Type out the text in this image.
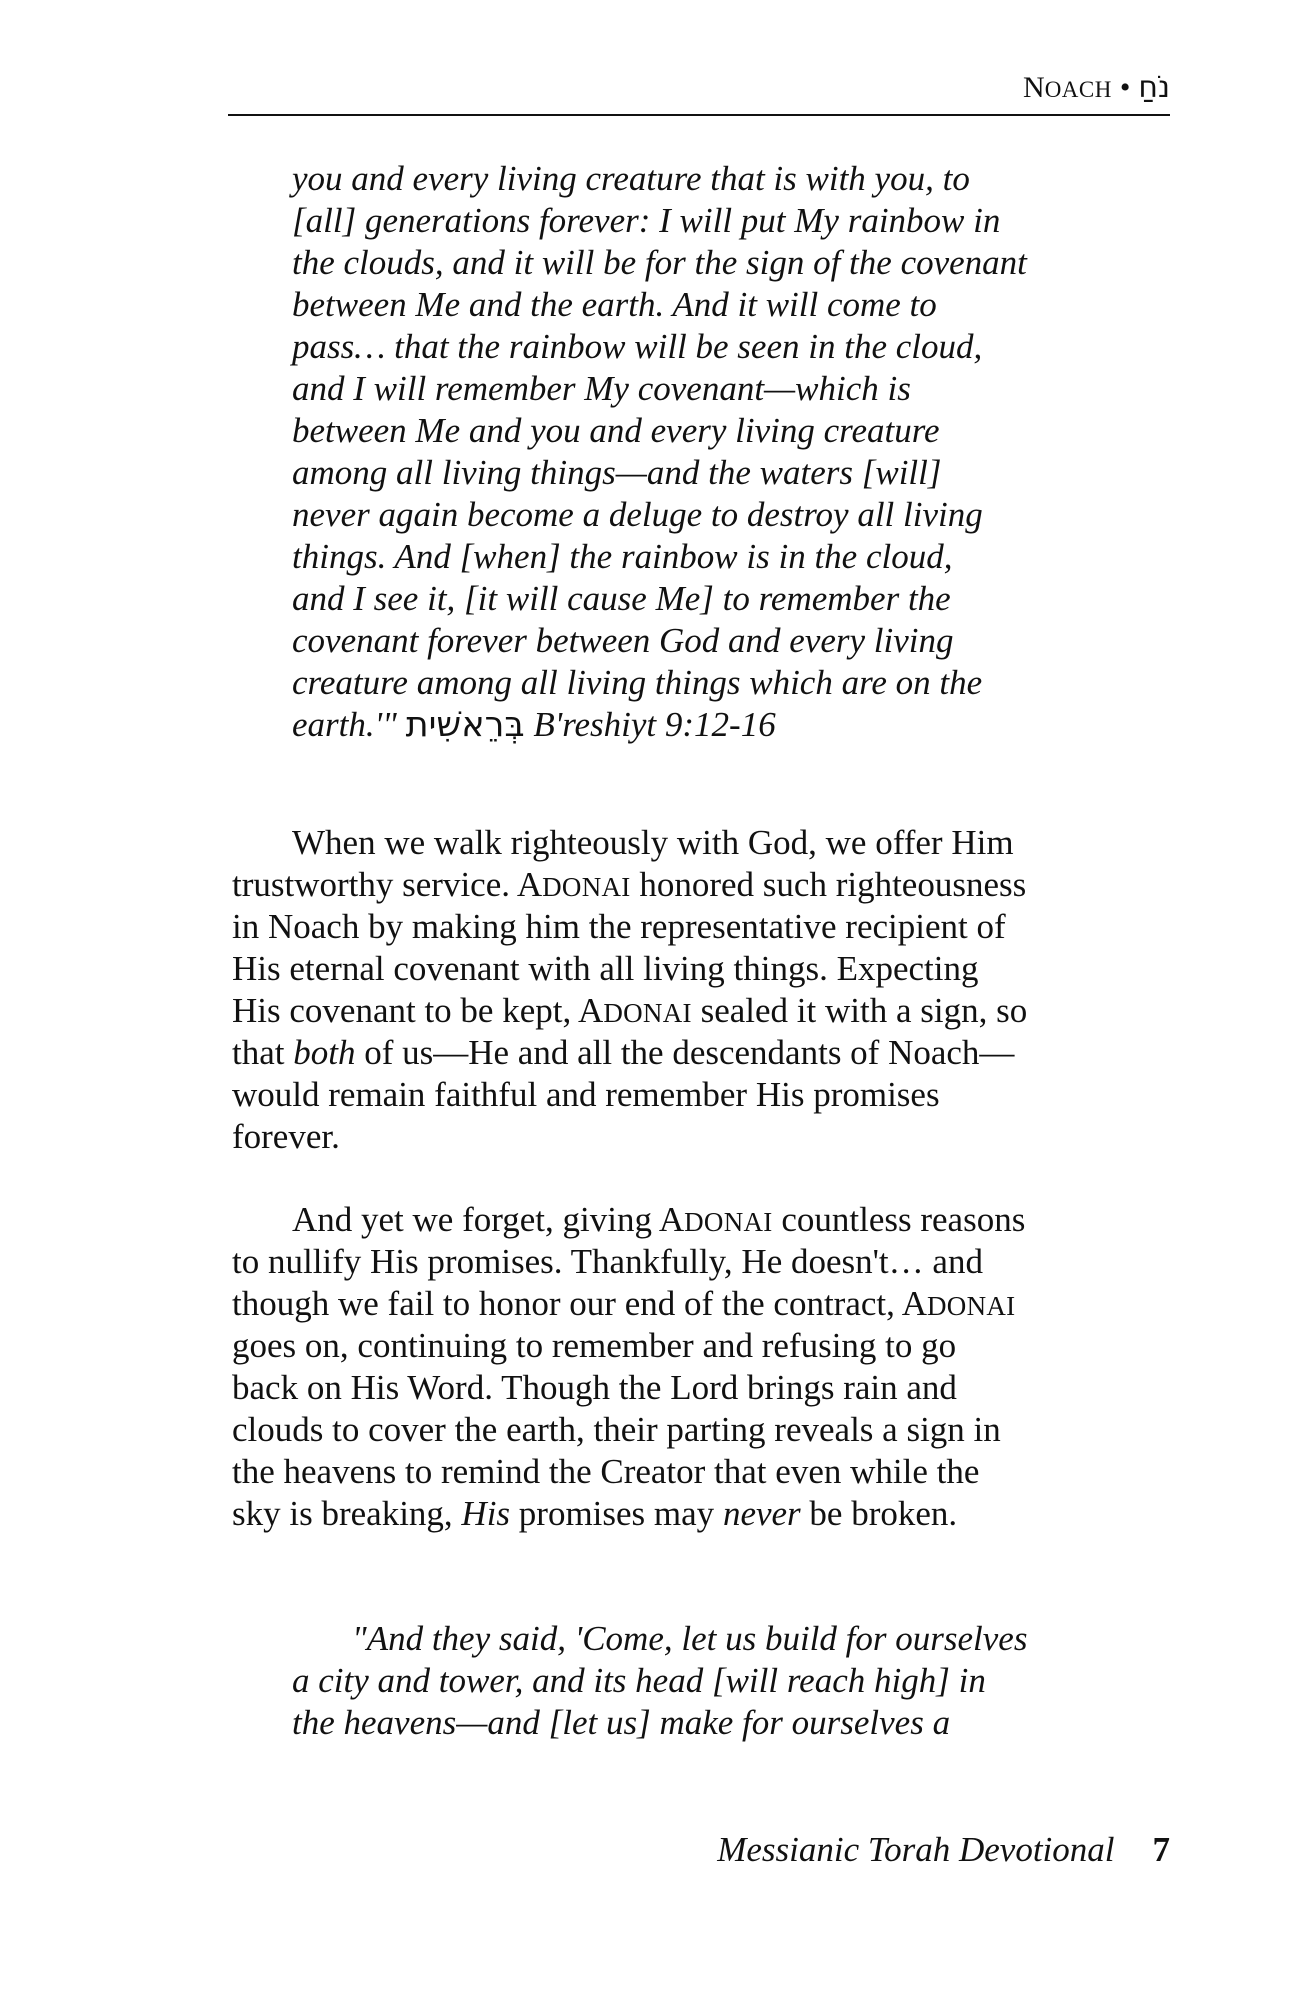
NOACH • נֹחַ
you and every living creature that is with you, to
[all] generations forever: I will put My rainbow in
the clouds, and it will be for the sign of the covenant
between Me and the earth. And it will come to
pass… that the rainbow will be seen in the cloud,
and I will remember My covenant—which is
between Me and you and every living creature
among all living things—and the waters [will]
never again become a deluge to destroy all living
things. And [when] the rainbow is in the cloud,
and I see it, [it will cause Me] to remember the
covenant forever between God and every living
creature among all living things which are on the
earth.'" בְּרֵאשִׁית B'reshiyt 9:12-16
When we walk righteously with God, we offer Him
trustworthy service. ADONAI honored such righteousness
in Noach by making him the representative recipient of
His eternal covenant with all living things. Expecting
His covenant to be kept, ADONAI sealed it with a sign, so
that both of us—He and all the descendants of Noach—
would remain faithful and remember His promises
forever.
And yet we forget, giving ADONAI countless reasons
to nullify His promises. Thankfully, He doesn't… and
though we fail to honor our end of the contract, ADONAI
goes on, continuing to remember and refusing to go
back on His Word. Though the Lord brings rain and
clouds to cover the earth, their parting reveals a sign in
the heavens to remind the Creator that even while the
sky is breaking, His promises may never be broken.
"And they said, 'Come, let us build for ourselves
a city and tower, and its head [will reach high] in
the heavens—and [let us] make for ourselves a
Messianic Torah Devotional 7
